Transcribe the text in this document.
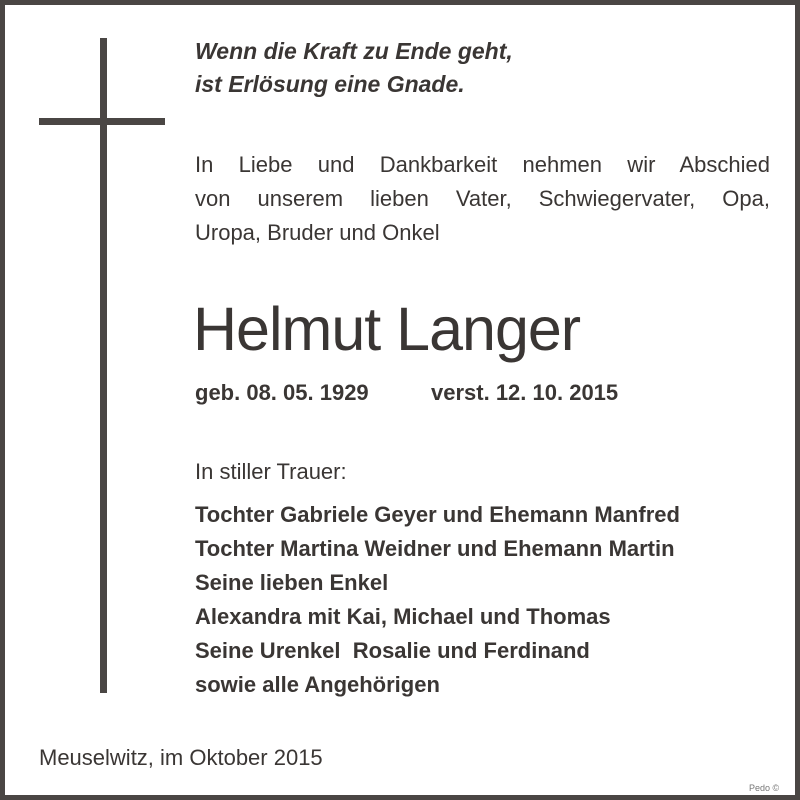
Wenn die Kraft zu Ende geht,
ist Erlösung eine Gnade.

In Liebe und Dankbarkeit nehmen wir Abschied
von unserem lieben Vater, Schwiegervater, Opa,
Uropa, Bruder und Onkel

Helmut Langer
geb. 08. 05. 1929	verst. 12. 10. 2015
In stiller Trauer:

Tochter Gabriele Geyer und Ehemann Manfred
Tochter Martina Weidner und Ehemann Martin
Seine lieben Enkel
Alexandra mit Kai, Michael und Thomas
Seine Urenkel  Rosalie und Ferdinand
sowie alle Angehörigen

Meuselwitz, im Oktober 2015
Pedo ©
